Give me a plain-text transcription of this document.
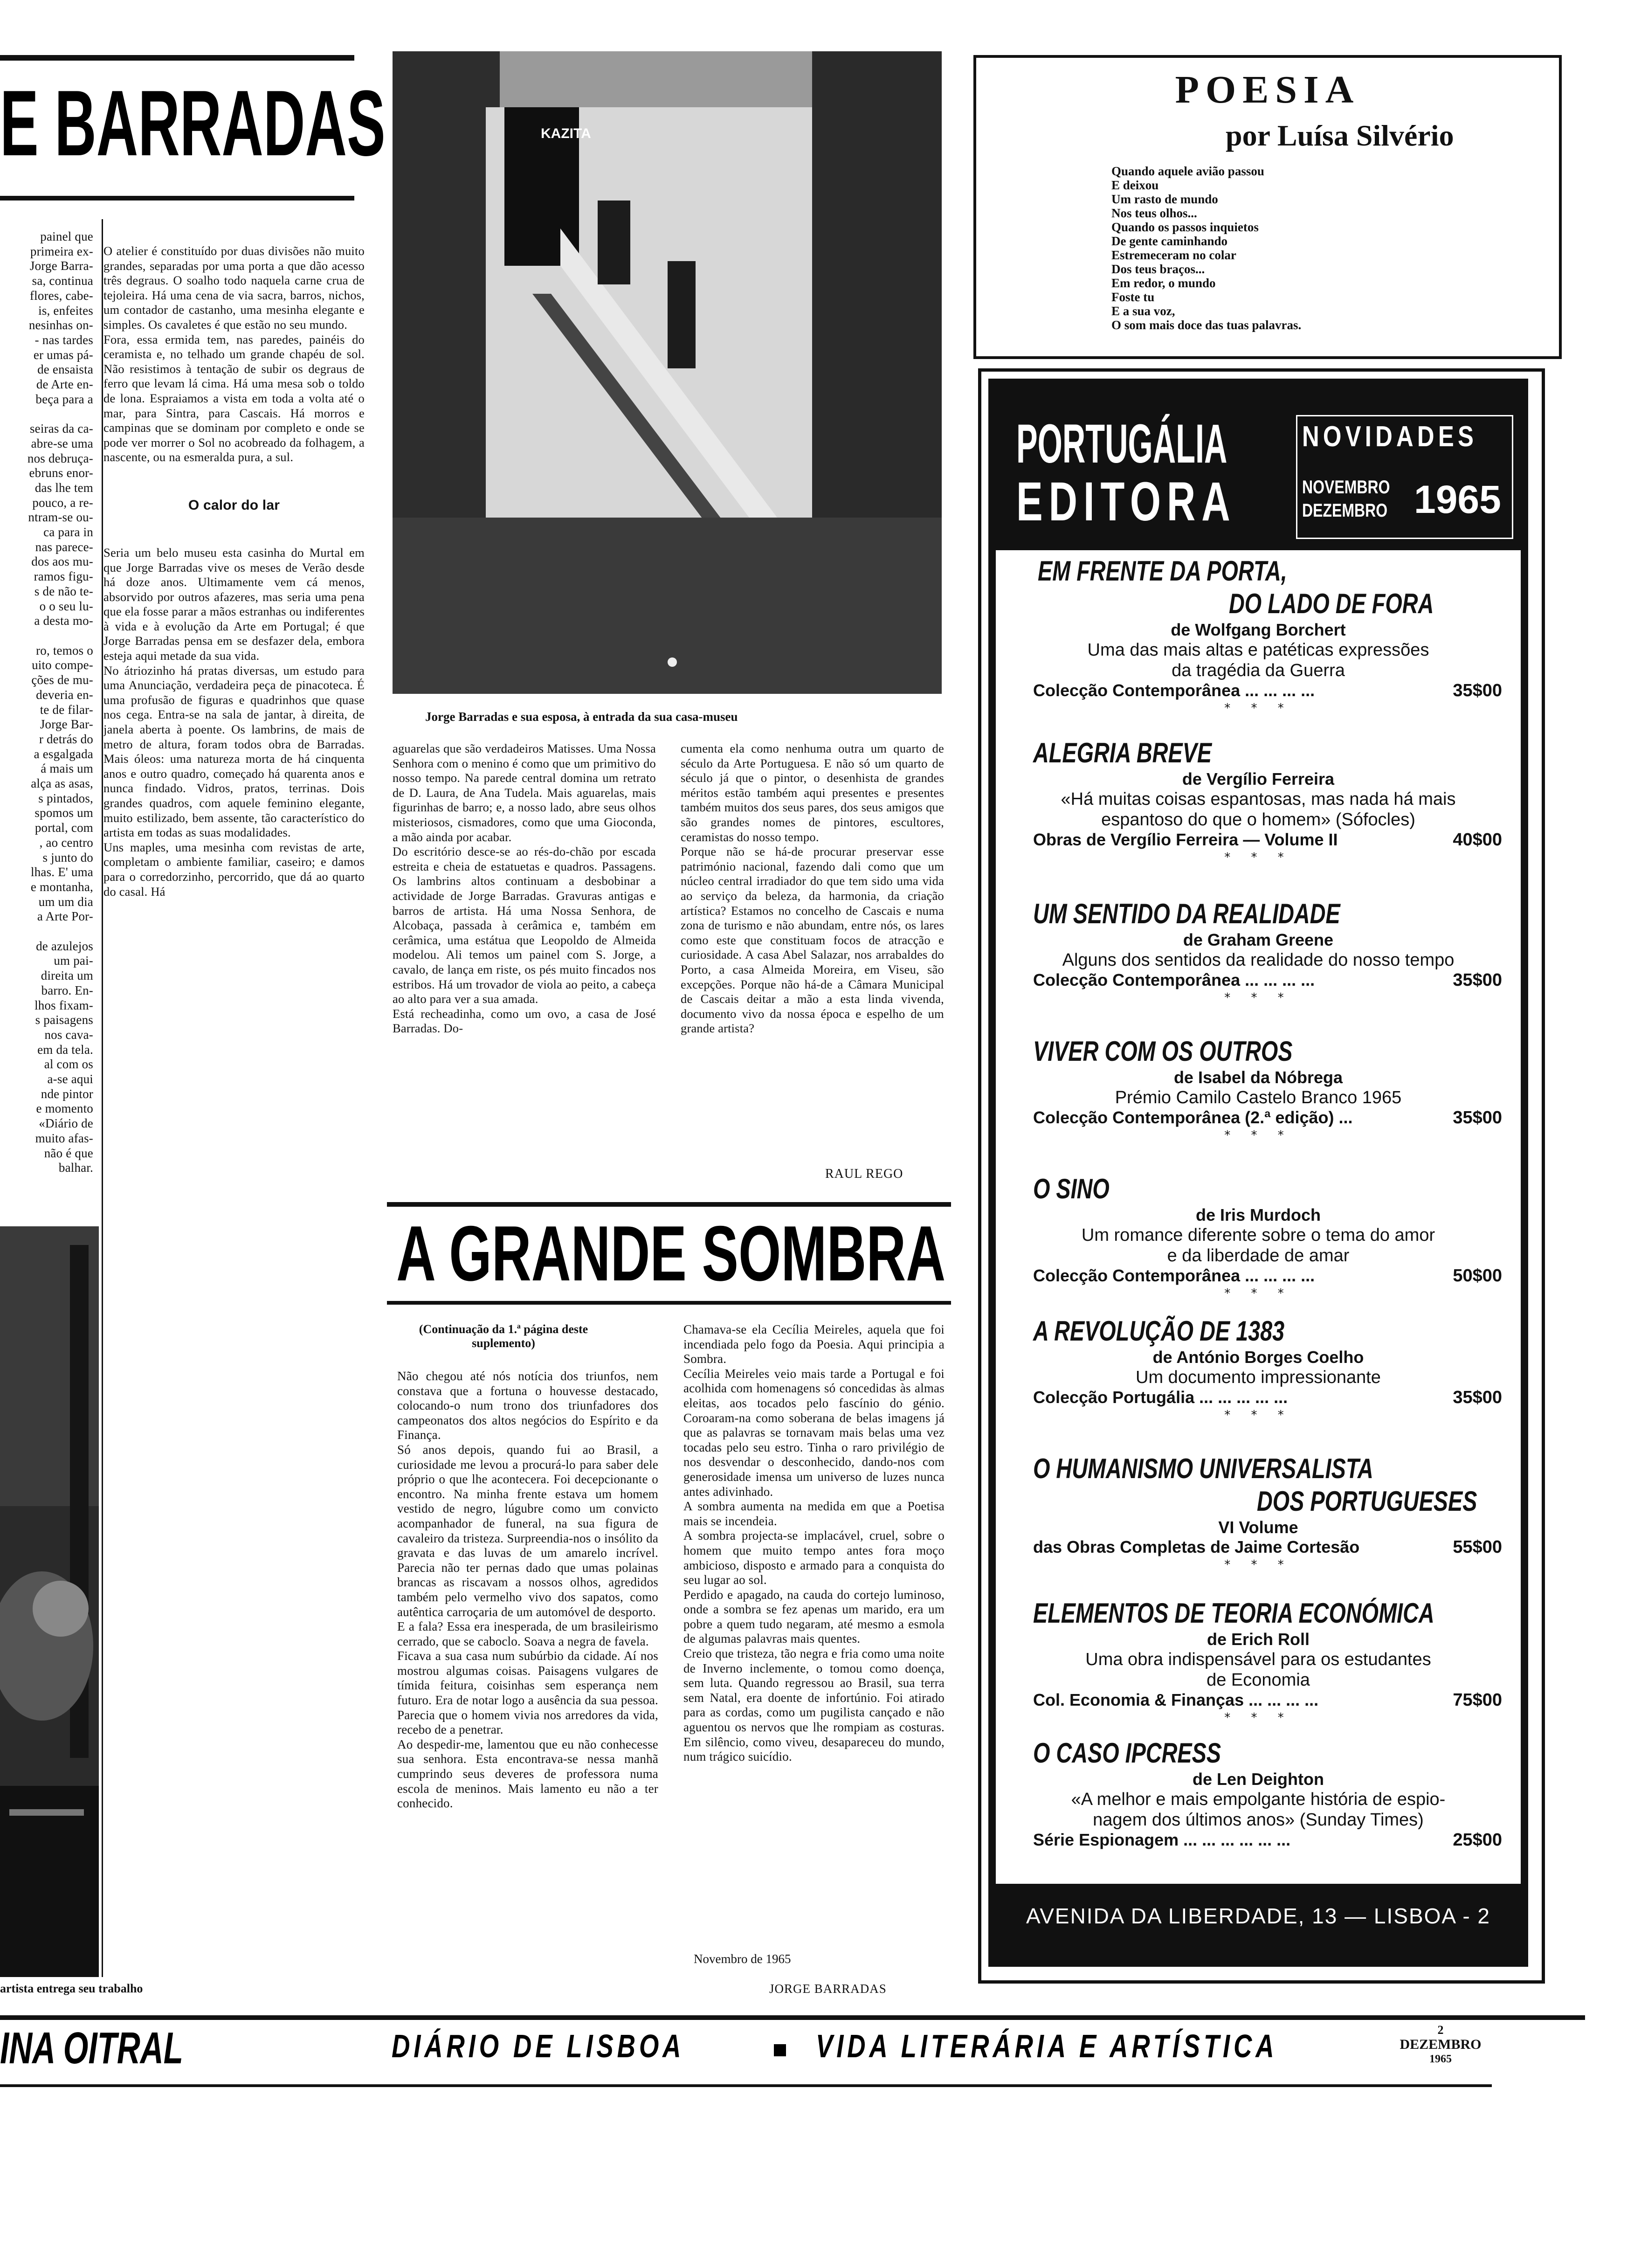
E BARRADAS
painel que
primeira ex-
Jorge Barra-
sa, continua
flores, cabe-
is, enfeites
nesinhas on-
- nas tardes
er umas pá-
de ensaista
de Arte en-
beça para a

seiras da ca-
abre-se uma
nos debruça-
ebruns enor-
das lhe tem
pouco, a re-
ntram-se ou-
ca para in
nas parece-
dos aos mu-
ramos figu-
s de não te-
o o seu lu-
a desta mo-

ro, temos o
uito compe-
ções de mu-
deveria en-
te de filar-
Jorge Bar-
r detrás do
a esgalgada
á mais um
alça as asas,
s pintados,
spomos um
portal, com
, ao centro
s junto do
lhas. E' uma
e montanha,
um um dia
a Arte Por-

de azulejos
um pai-
direita um
barro. En-
lhos fixam-
s paisagens
nos cava-
em da tela.
al com os
a-se aqui
nde pintor
e momento
«Diário de
muito afas-
não é que
balhar.
artista entrega seu trabalho
KAZITA
Jorge Barradas e sua esposa, à entrada da sua casa-museu

O atelier é constituído por duas divisões não muito grandes, separadas por uma porta a que dão acesso três degraus. O soalho todo naquela carne crua de tejoleira. Há uma cena de via sacra, barros, nichos, um contador de castanho, uma mesinha elegante e simples. Os cavaletes é que estão no seu mundo.
Fora, essa ermida tem, nas paredes, painéis do ceramista e, no telhado um grande chapéu de sol. Não resistimos à tentação de subir os degraus de ferro que levam lá cima. Há uma mesa sob o toldo de lona. Espraiamos a vista em toda a volta até o mar, para Sintra, para Cascais. Há morros e campinas que se dominam por completo e onde se pode ver morrer o Sol no acobreado da folhagem, a nascente, ou na esmeralda pura, a sul.

O calor do lar

Seria um belo museu esta casinha do Murtal em que Jorge Barradas vive os meses de Verão desde há doze anos. Ultimamente vem cá menos, absorvido por outros afazeres, mas seria uma pena que ela fosse parar a mãos estranhas ou indiferentes à vida e à evolução da Arte em Portugal; é que Jorge Barradas pensa em se desfazer dela, embora esteja aqui metade da sua vida.
No átriozinho há pratas diversas, um estudo para uma Anunciação, verdadeira peça de pinacoteca. É uma profusão de figuras e quadrinhos que quase nos cega. Entra-se na sala de jantar, à direita, de janela aberta à poente. Os lambrins, de mais de metro de altura, foram todos obra de Barradas. Mais óleos: uma natureza morta de há cinquenta anos e outro quadro, começado há quarenta anos e nunca findado. Vidros, pratos, terrinas. Dois grandes quadros, com aquele feminino elegante, muito estilizado, bem assente, tão característico do artista em todas as suas modalidades.
Uns maples, uma mesinha com revistas de arte, completam o ambiente familiar, caseiro; e damos para o corredorzinho, percorrido, que dá ao quarto do casal. Há

aguarelas que são verdadeiros Matisses. Uma Nossa Senhora com o menino é como que um primitivo do nosso tempo. Na parede central domina um retrato de D. Laura, de Ana Tudela. Mais aguarelas, mais figurinhas de barro; e, a nosso lado, abre seus olhos misteriosos, cismadores, como que uma Gioconda, a mão ainda por acabar.
Do escritório desce-se ao rés-do-chão por escada estreita e cheia de estatuetas e quadros. Passagens. Os lambrins altos continuam a desbobinar a actividade de Jorge Barradas. Gravuras antigas e barros de artista. Há uma Nossa Senhora, de Alcobaça, passada à cerâmica e, também em cerâmica, uma estátua que Leopoldo de Almeida modelou. Ali temos um painel com S. Jorge, a cavalo, de lança em riste, os pés muito fincados nos estribos. Há um trovador de viola ao peito, a cabeça ao alto para ver a sua amada.
Está recheadinha, como um ovo, a casa de José Barradas. Do-
cumenta ela como nenhuma outra um quarto de século da Arte Portuguesa. E não só um quarto de século já que o pintor, o desenhista de grandes méritos estão também aqui presentes e presentes também muitos dos seus pares, dos seus amigos que são grandes nomes de pintores, escultores, ceramistas do nosso tempo.
Porque não se há-de procurar preservar esse património nacional, fazendo dali como que um núcleo central irradiador do que tem sido uma vida ao serviço da beleza, da harmonia, da criação artística? Estamos no concelho de Cascais e numa zona de turismo e não abundam, entre nós, os lares como este que constituam focos de atracção e curiosidade. A casa Abel Salazar, nos arrabaldes do Porto, a casa Almeida Moreira, em Viseu, são excepções. Porque não há-de a Câmara Municipal de Cascais deitar a mão a esta linda vivenda, documento vivo da nossa época e espelho de um grande artista?
RAUL REGO
A GRANDE SOMBRA
(Continuação da 1.ª página deste suplemento)
Não chegou até nós notícia dos triunfos, nem constava que a fortuna o houvesse destacado, colocando-o num trono dos triunfadores dos campeonatos dos altos negócios do Espírito e da Finança.
Só anos depois, quando fui ao Brasil, a curiosidade me levou a procurá-lo para saber dele próprio o que lhe acontecera. Foi decepcionante o encontro. Na minha frente estava um homem vestido de negro, lúgubre como um convicto acompanhador de funeral, na sua figura de cavaleiro da tristeza. Surpreendia-nos o insólito da gravata e das luvas de um amarelo incrível. Parecia não ter pernas dado que umas polainas brancas as riscavam a nossos olhos, agredidos também pelo vermelho vivo dos sapatos, como autêntica carroçaria de um automóvel de desporto.
E a fala? Essa era inesperada, de um brasileirismo cerrado, que se caboclo. Soava a negra de favela.
Ficava a sua casa num subúrbio da cidade. Aí nos mostrou algumas coisas. Paisagens vulgares de tímida feitura, coisinhas sem esperança nem futuro. Era de notar logo a ausência da sua pessoa. Parecia que o homem vivia nos arredores da vida, recebo de a penetrar.
Ao despedir-me, lamentou que eu não conhecesse sua senhora. Esta encontrava-se nessa manhã cumprindo seus deveres de professora numa escola de meninos. Mais lamento eu não a ter conhecido.
Chamava-se ela Cecília Meireles, aquela que foi incendiada pelo fogo da Poesia. Aqui principia a Sombra.
Cecília Meireles veio mais tarde a Portugal e foi acolhida com homenagens só concedidas às almas eleitas, aos tocados pelo fascínio do génio. Coroaram-na como soberana de belas imagens já que as palavras se tornavam mais belas uma vez tocadas pelo seu estro. Tinha o raro privilégio de nos desvendar o desconhecido, dando-nos com generosidade imensa um universo de luzes nunca antes adivinhado.
A sombra aumenta na medida em que a Poetisa mais se incendeia.
A sombra projecta-se implacável, cruel, sobre o homem que muito tempo antes fora moço ambicioso, disposto e armado para a conquista do seu lugar ao sol.
Perdido e apagado, na cauda do cortejo luminoso, onde a sombra se fez apenas um marido, era um pobre a quem tudo negaram, até mesmo a esmola de algumas palavras mais quentes.
Creio que tristeza, tão negra e fria como uma noite de Inverno inclemente, o tomou como doença, sem luta. Quando regressou ao Brasil, sua terra sem Natal, era doente de infortúnio. Foi atirado para as cordas, como um pugilista cançado e não aguentou os nervos que lhe rompiam as costuras. Em silêncio, como viveu, desapareceu do mundo, num trágico suicídio.
Novembro de 1965
JORGE BARRADAS
POESIA
por Luísa Silvério
Quando aquele avião passou
E deixou
Um rasto de mundo
Nos teus olhos...
Quando os passos inquietos
De gente caminhando
Estremeceram no colar
Dos teus braços...
Em redor, o mundo
Foste tu
E a sua voz,
O som mais doce das tuas palavras.
PORTUGÁLIA
EDITORA
NOVIDADES
NOVEMBRO
DEZEMBRO 1965
EM FRENTE DA PORTA,
DO LADO DE FORA
de Wolfgang Borchert
Uma das mais altas e patéticas expressões
da tragédia da Guerra
Colecção Contemporânea ... ... ... ...	35$00
* * *
ALEGRIA BREVE
de Vergílio Ferreira
«Há muitas coisas espantosas, mas nada há mais
espantoso do que o homem» (Sófocles)
Obras de Vergílio Ferreira — Volume II	40$00
* * *
UM SENTIDO DA REALIDADE
de Graham Greene
Alguns dos sentidos da realidade do nosso tempo
Colecção Contemporânea ... ... ... ...	35$00
* * *
VIVER COM OS OUTROS
de Isabel da Nóbrega
Prémio Camilo Castelo Branco 1965
Colecção Contemporânea (2.ª edição) ...	35$00
* * *
O SINO
de Iris Murdoch
Um romance diferente sobre o tema do amor
e da liberdade de amar
Colecção Contemporânea ... ... ... ...	50$00
* * *
A REVOLUÇÃO DE 1383
de António Borges Coelho
Um documento impressionante
Colecção Portugália ... ... ... ... ...	35$00
* * *
O HUMANISMO UNIVERSALISTA
DOS PORTUGUESES
VI Volume
das Obras Completas de Jaime Cortesão	55$00
* * *
ELEMENTOS DE TEORIA ECONÓMICA
de Erich Roll
Uma obra indispensável para os estudantes
de Economia
Col. Economia & Finanças ... ... ... ...	75$00
* * *
O CASO IPCRESS
de Len Deighton
«A melhor e mais empolgante história de espio-
nagem dos últimos anos» (Sunday Times)
Série Espionagem ... ... ... ... ... ...	25$00
AVENIDA DA LIBERDADE, 13 — LISBOA - 2
INA OITRAL	DIÁRIO DE LISBOA	VIDA LITERÁRIA E ARTÍSTICA	2
DEZEMBRO
1965
